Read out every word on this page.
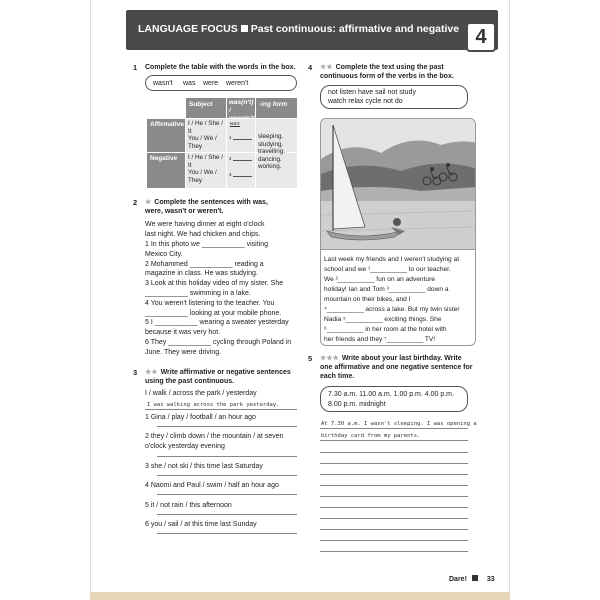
LANGUAGE FOCUS Past continuous: affirmative and negative 4
1 Complete the table with the words in the box.
wasn't was were weren't
Subject	was(n't) /
-ing form
Affirmative
Negative
I / He / She /
It
You / We /
They
I / He / She /
It
You / We /
They
was
1
2
3
sleeping.
studying.
travelling.
dancing.
working.
2 ★ Complete the sentences with was,
were, wasn't or weren't.
We were having dinner at eight o'clock
last night. We had chicken and chips.
1 In this photo we ___________ visiting
Mexico City.
2 Mohammed ___________ reading a
magazine in class. He was studying.
3 Look at this holiday video of my sister. She
___________ swimming in a lake.
4 You weren't listening to the teacher. You
___________ looking at your mobile phone.
5 I ___________ wearing a sweater yesterday
because it was very hot.
6 They ___________ cycling through Poland in
June. They were driving.
3 ★★ Write affirmative or negative sentences
using the past continuous.
I / walk / across the park / yesterday
I was walking across the park yesterday.
1 Gina / play / football / an hour ago
2 they / climb down / the mountain / at seven
o'clock yesterday evening
3 she / not ski / this time last Saturday
4 Naomi and Paul / swim / half an hour ago
5 it / not rain / this afternoon
6 you / sail / at this time last Sunday
4 ★★ Complete the text using the past
continuous form of the verbs in the box.
not listen have sail not study
watch relax cycle not do
Last week my friends and I weren't studying at
school and we ¹__________ to our teacher.
We ²__________ fun on an adventure
holiday! Ian and Tom ³__________ down a
mountain on their bikes, and I
⁴__________ across a lake. But my twin sister
Nadia ⁵__________ exciting things. She
⁶__________ in her room at the hotel with
her friends and they ⁷__________ TV!
5 ★★★ Write about your last birthday. Write
one affirmative and one negative sentence for
each time.
7.30 a.m. 11.00 a.m. 1.00 p.m. 4.00 p.m.
8.00 p.m. midnight
At 7.30 a.m. I wasn't sleeping. I was opening a
birthday card from my parents.
Dare!	33
